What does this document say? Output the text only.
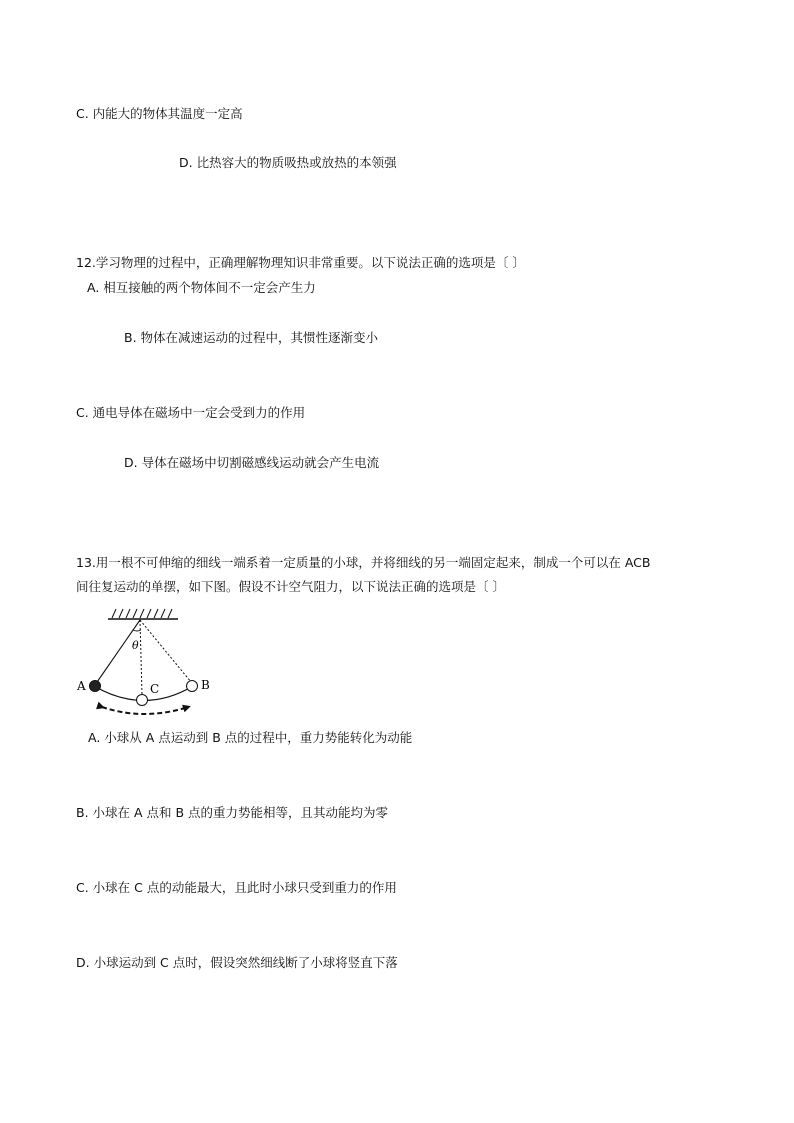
C. 内能大的物体其温度一定高
D. 比热容大的物质吸热或放热的本领强
12.学习物理的过程中，正确理解物理知识非常重要。以下说法正确的选项是〔 〕
A. 相互接触的两个物体间不一定会产生力
B. 物体在减速运动的过程中，其惯性逐渐变小
C. 通电导体在磁场中一定会受到力的作用
D. 导体在磁场中切割磁感线运动就会产生电流
13.用一根不可伸缩的细线一端系着一定质量的小球，并将细线的另一端固定起来，制成一个可以在 ACB
间往复运动的单摆，如下图。假设不计空气阻力，以下说法正确的选项是〔 〕
A	B
C
θ
A. 小球从 A 点运动到 B 点的过程中，重力势能转化为动能
B. 小球在 A 点和 B 点的重力势能相等，且其动能均为零
C. 小球在 C 点的动能最大，且此时小球只受到重力的作用
D. 小球运动到 C 点时，假设突然细线断了小球将竖直下落
